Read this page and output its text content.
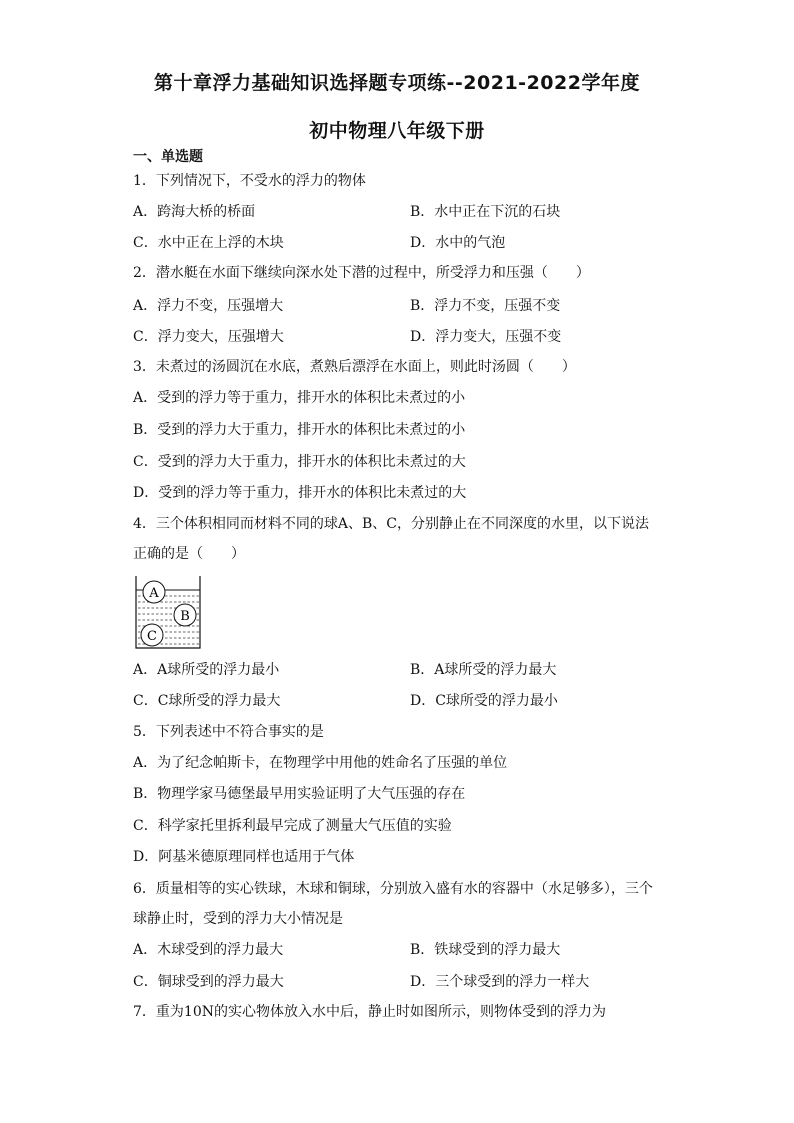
第十章浮力基础知识选择题专项练--2021-2022学年度
初中物理八年级下册
一、单选题
1．下列情况下，不受水的浮力的物体
A．跨海大桥的桥面	B．水中正在下沉的石块
C．水中正在上浮的木块	D．水中的气泡
2．潜水艇在水面下继续向深水处下潜的过程中，所受浮力和压强（　　）
A．浮力不变，压强增大	B．浮力不变，压强不变
C．浮力变大，压强增大	D．浮力变大，压强不变
3．未煮过的汤圆沉在水底，煮熟后漂浮在水面上，则此时汤圆（　　）
A．受到的浮力等于重力，排开水的体积比未煮过的小
B．受到的浮力大于重力，排开水的体积比未煮过的小
C．受到的浮力大于重力，排开水的体积比未煮过的大
D．受到的浮力等于重力，排开水的体积比未煮过的大
4．三个体积相同而材料不同的球A、B、C，分别静止在不同深度的水里，以下说法
正确的是（　　）
A
B
C
A．A球所受的浮力最小	B．A球所受的浮力最大
C．C球所受的浮力最大	D．C球所受的浮力最小
5．下列表述中不符合事实的是
A．为了纪念帕斯卡，在物理学中用他的姓命名了压强的单位
B．物理学家马德堡最早用实验证明了大气压强的存在
C．科学家托里拆利最早完成了测量大气压值的实验
D．阿基米德原理同样也适用于气体
6．质量相等的实心铁球，木球和铜球，分别放入盛有水的容器中（水足够多），三个
球静止时，受到的浮力大小情况是
A．木球受到的浮力最大	B．铁球受到的浮力最大
C．铜球受到的浮力最大	D．三个球受到的浮力一样大
7．重为10N的实心物体放入水中后，静止时如图所示，则物体受到的浮力为
